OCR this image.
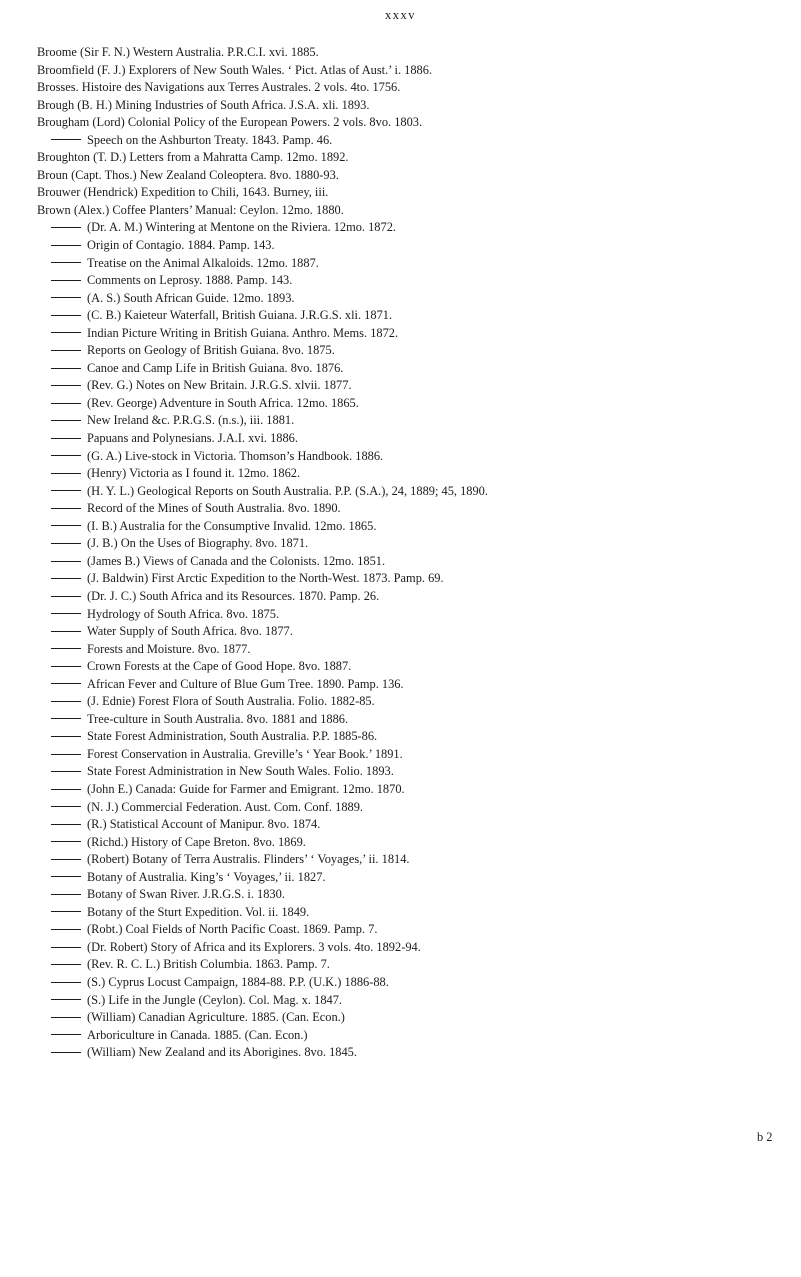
xxxv
Broome (Sir F. N.) Western Australia. P.R.C.I. xvi. 1885.
Broomfield (F. J.) Explorers of New South Wales. ‘ Pict. Atlas of Aust.’ i. 1886.
Brosses. Histoire des Navigations aux Terres Australes. 2 vols. 4to. 1756.
Brough (B. H.) Mining Industries of South Africa. J.S.A. xli. 1893.
Brougham (Lord) Colonial Policy of the European Powers. 2 vols. 8vo. 1803.
Speech on the Ashburton Treaty. 1843. Pamp. 46.
Broughton (T. D.) Letters from a Mahratta Camp. 12mo. 1892.
Broun (Capt. Thos.) New Zealand Coleoptera. 8vo. 1880-93.
Brouwer (Hendrick) Expedition to Chili, 1643. Burney, iii.
Brown (Alex.) Coffee Planters’ Manual: Ceylon. 12mo. 1880.
(Dr. A. M.) Wintering at Mentone on the Riviera. 12mo. 1872.
Origin of Contagio. 1884. Pamp. 143.
Treatise on the Animal Alkaloids. 12mo. 1887.
Comments on Leprosy. 1888. Pamp. 143.
(A. S.) South African Guide. 12mo. 1893.
(C. B.) Kaieteur Waterfall, British Guiana. J.R.G.S. xli. 1871.
Indian Picture Writing in British Guiana. Anthro. Mems. 1872.
Reports on Geology of British Guiana. 8vo. 1875.
Canoe and Camp Life in British Guiana. 8vo. 1876.
(Rev. G.) Notes on New Britain. J.R.G.S. xlvii. 1877.
(Rev. George) Adventure in South Africa. 12mo. 1865.
New Ireland &c. P.R.G.S. (n.s.), iii. 1881.
Papuans and Polynesians. J.A.I. xvi. 1886.
(G. A.) Live-stock in Victoria. Thomson’s Handbook. 1886.
(Henry) Victoria as I found it. 12mo. 1862.
(H. Y. L.) Geological Reports on South Australia. P.P. (S.A.), 24, 1889; 45, 1890.
Record of the Mines of South Australia. 8vo. 1890.
(I. B.) Australia for the Consumptive Invalid. 12mo. 1865.
(J. B.) On the Uses of Biography. 8vo. 1871.
(James B.) Views of Canada and the Colonists. 12mo. 1851.
(J. Baldwin) First Arctic Expedition to the North-West. 1873. Pamp. 69.
(Dr. J. C.) South Africa and its Resources. 1870. Pamp. 26.
Hydrology of South Africa. 8vo. 1875.
Water Supply of South Africa. 8vo. 1877.
Forests and Moisture. 8vo. 1877.
Crown Forests at the Cape of Good Hope. 8vo. 1887.
African Fever and Culture of Blue Gum Tree. 1890. Pamp. 136.
(J. Ednie) Forest Flora of South Australia. Folio. 1882-85.
Tree-culture in South Australia. 8vo. 1881 and 1886.
State Forest Administration, South Australia. P.P. 1885-86.
Forest Conservation in Australia. Greville’s ‘ Year Book.’ 1891.
State Forest Administration in New South Wales. Folio. 1893.
(John E.) Canada: Guide for Farmer and Emigrant. 12mo. 1870.
(N. J.) Commercial Federation. Aust. Com. Conf. 1889.
(R.) Statistical Account of Manipur. 8vo. 1874.
(Richd.) History of Cape Breton. 8vo. 1869.
(Robert) Botany of Terra Australis. Flinders’ ‘ Voyages,’ ii. 1814.
Botany of Australia. King’s ‘ Voyages,’ ii. 1827.
Botany of Swan River. J.R.G.S. i. 1830.
Botany of the Sturt Expedition. Vol. ii. 1849.
(Robt.) Coal Fields of North Pacific Coast. 1869. Pamp. 7.
(Dr. Robert) Story of Africa and its Explorers. 3 vols. 4to. 1892-94.
(Rev. R. C. L.) British Columbia. 1863. Pamp. 7.
(S.) Cyprus Locust Campaign, 1884-88. P.P. (U.K.) 1886-88.
(S.) Life in the Jungle (Ceylon). Col. Mag. x. 1847.
(William) Canadian Agriculture. 1885. (Can. Econ.)
Arboriculture in Canada. 1885. (Can. Econ.)
(William) New Zealand and its Aborigines. 8vo. 1845.
b 2
